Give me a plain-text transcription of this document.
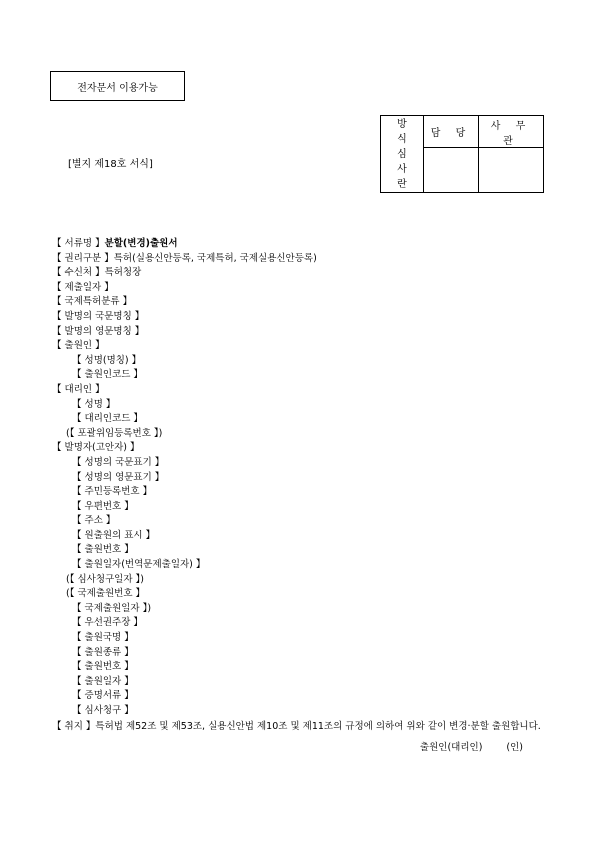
전자문서 이용가능
[별지 제18호 서식]
방
식
심
사
란	담 당	사 무 관

【 서류명 】분할(변경)출원서
【 권리구분 】특허(실용신안등록, 국제특허, 국제실용신안등록)
【 수신처 】특허청장
【 제출일자 】
【 국제특허분류 】
【 발명의 국문명칭 】
【 발명의 영문명칭 】
【 출원인 】
【 성명(명칭) 】
【 출원인코드 】
【 대리인 】
【 성명 】
【 대리인코드 】
(【 포괄위임등록번호 】)
【 발명자(고안자) 】
【 성명의 국문표기 】
【 성명의 영문표기 】
【 주민등록번호 】
【 우편번호 】
【 주소 】
【 원출원의 표시 】
【 출원번호 】
【 출원일자(번역문제출일자) 】
(【 심사청구일자 】)
(【 국제출원번호 】
【 국제출원일자 】)
【 우선권주장 】
【 출원국명 】
【 출원종류 】
【 출원번호 】
【 출원일자 】
【 증명서류 】
【 심사청구 】
【 취지 】특허법 제52조 및 제53조, 실용신안법 제10조 및 제11조의 규정에 의하여 위와 같이 변경·분할 출원합니다.
출원인(대리인)	(인)
